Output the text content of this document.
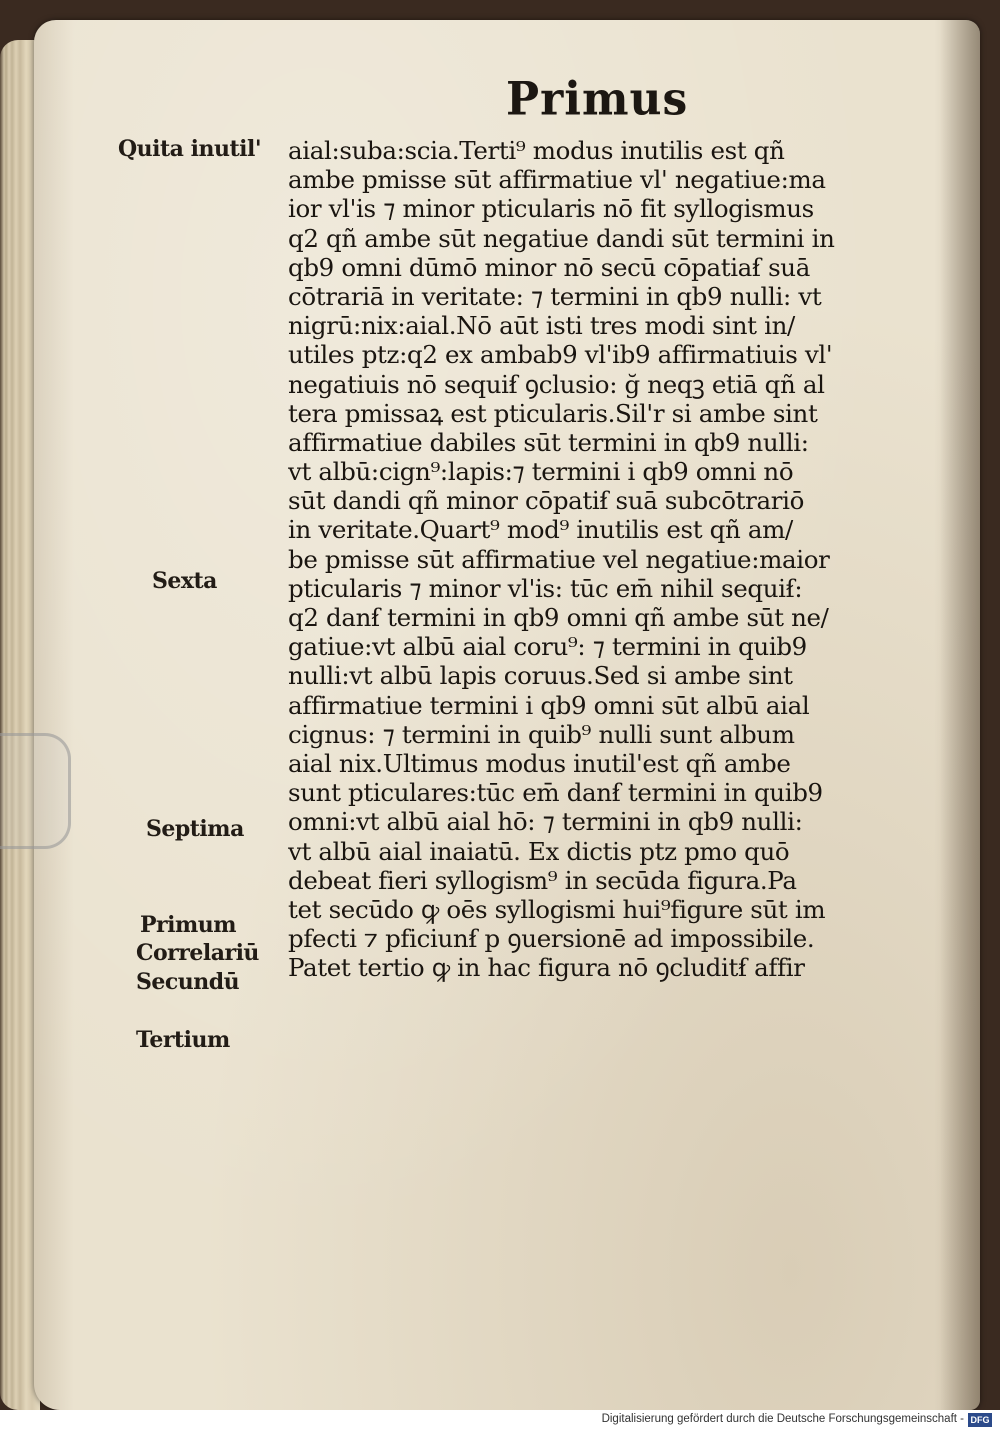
Primus
Quita inutil'
Sexta
Septima
Primum
Correlariū
Secundū
Tertium
aial:suba:scia.Terti⁹ modus inutilis est qñ
ambe pmisse sūt affirmatiue vl' negatiue:ma
ior vl'is ⁊ minor pticularis nō fit syllogismus
q2 qñ ambe sūt negatiue dandi sūt termini in
qb9 omni dūmō minor nō secū cōpatiaẜ suā
cōtrariā in veritate: ⁊ termini in qb9 nulli: vt
nigrū:nix:aial.Nō aūt isti tres modi sint in/
utiles ptz:q2 ex ambab9 vl'ib9 affirmatiuis vl'
negatiuis nō sequiẜ ꝯclusio: ğ neqꝫ etiā qñ al
tera pmissaꝝ est pticularis.Sil'r si ambe sint
affirmatiue dabiles sūt termini in qb9 nulli:
vt albū:cign⁹:lapis:⁊ termini i qb9 omni nō
sūt dandi qñ minor cōpatiẜ suā subcōtrariō
in veritate.Quart⁹ mod⁹ inutilis est qñ am/
be pmisse sūt affirmatiue vel negatiue:maior
pticularis ⁊ minor vl'is: tūc em̄ nihil sequiẜ:
q2 danẜ termini in qb9 omni qñ ambe sūt ne/
gatiue:vt albū aial coru⁹: ⁊ termini in quib9
nulli:vt albū lapis coruus.Sed si ambe sint
affirmatiue termini i qb9 omni sūt albū aial
cignus: ⁊ termini in quib⁹ nulli sunt album
aial nix.Ultimus modus inutil'est qñ ambe
sunt pticulares:tūc em̄ danẜ termini in quib9
omni:vt albū aial hō: ⁊ termini in qb9 nulli:
vt albū aial inaiatū. Ex dictis ptz pmo quō
debeat fieri syllogism⁹ in secūda figura.Pa
tet secūdo ꝙ oēs syllogismi hui⁹figure sūt im
pfecti ⁊ pficiunẜ p ꝯuersionē ad impossibile.
Patet tertio ꝙ in hac figura nō ꝯcluditẜ affir
Digitalisierung gefördert durch die Deutsche Forschungsgemeinschaft - DFG
